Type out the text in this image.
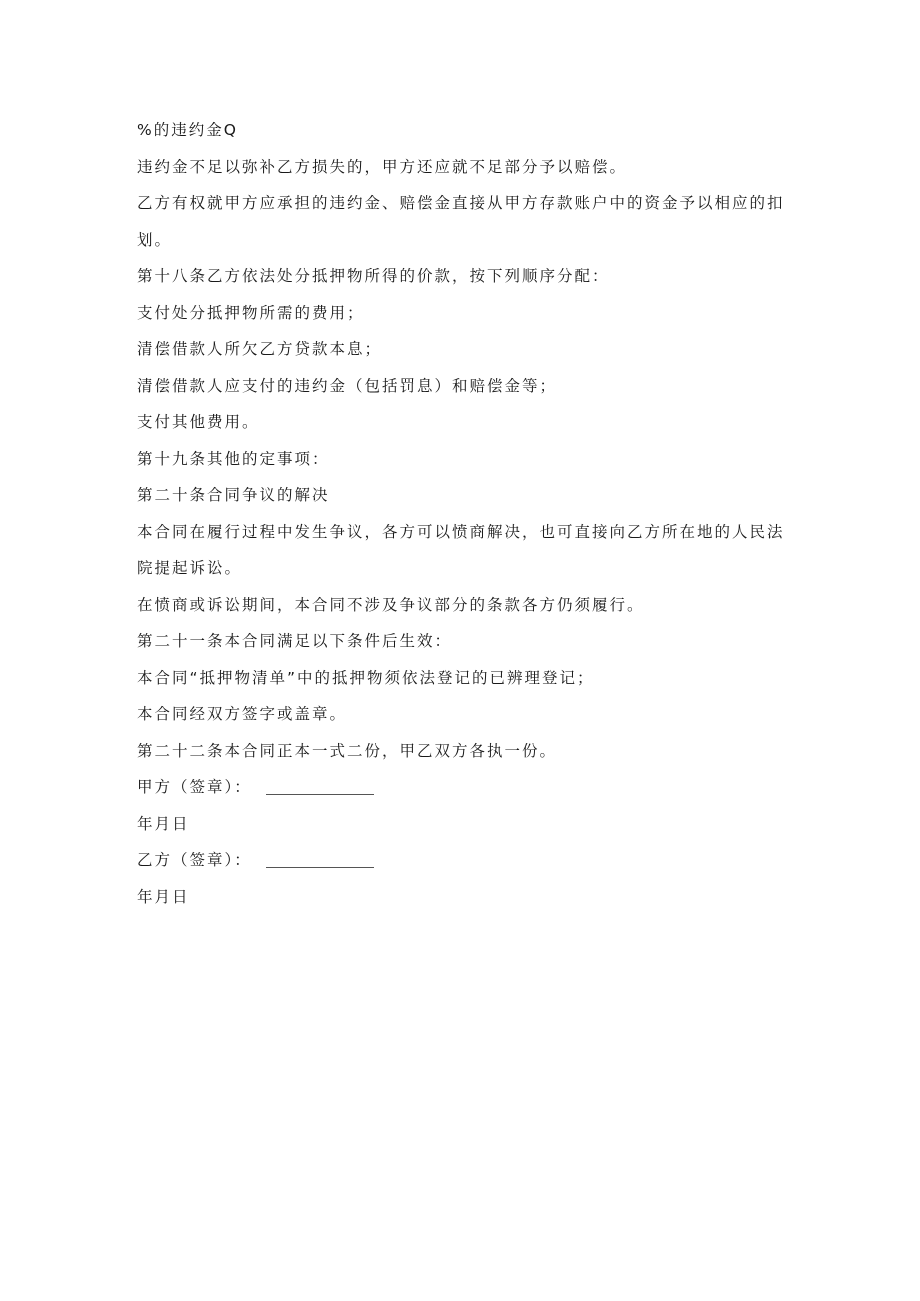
%的违约金Q

违约金不足以弥补乙方损失的，甲方还应就不足部分予以赔偿。

乙方有权就甲方应承担的违约金、赔偿金直接从甲方存款账户中的资金予以相应的扣划。

第十八条乙方依法处分抵押物所得的价款，按下列顺序分配：

支付处分抵押物所需的费用；

清偿借款人所欠乙方贷款本息；

清偿借款人应支付的违约金（包括罚息）和赔偿金等；

支付其他费用。

第十九条其他的定事项：

第二十条合同争议的解决

本合同在履行过程中发生争议，各方可以愤商解决，也可直接向乙方所在地的人民法院提起诉讼。

在愤商或诉讼期间，本合同不涉及争议部分的条款各方仍须履行。

第二十一条本合同满足以下条件后生效：

本合同“抵押物清单”中的抵押物须依法登记的已辨理登记；

本合同经双方签字或盖章。

第二十二条本合同正本一式二份，甲乙双方各执一份。

甲方（签章）：

年月日

乙方（签章）：

年月日
